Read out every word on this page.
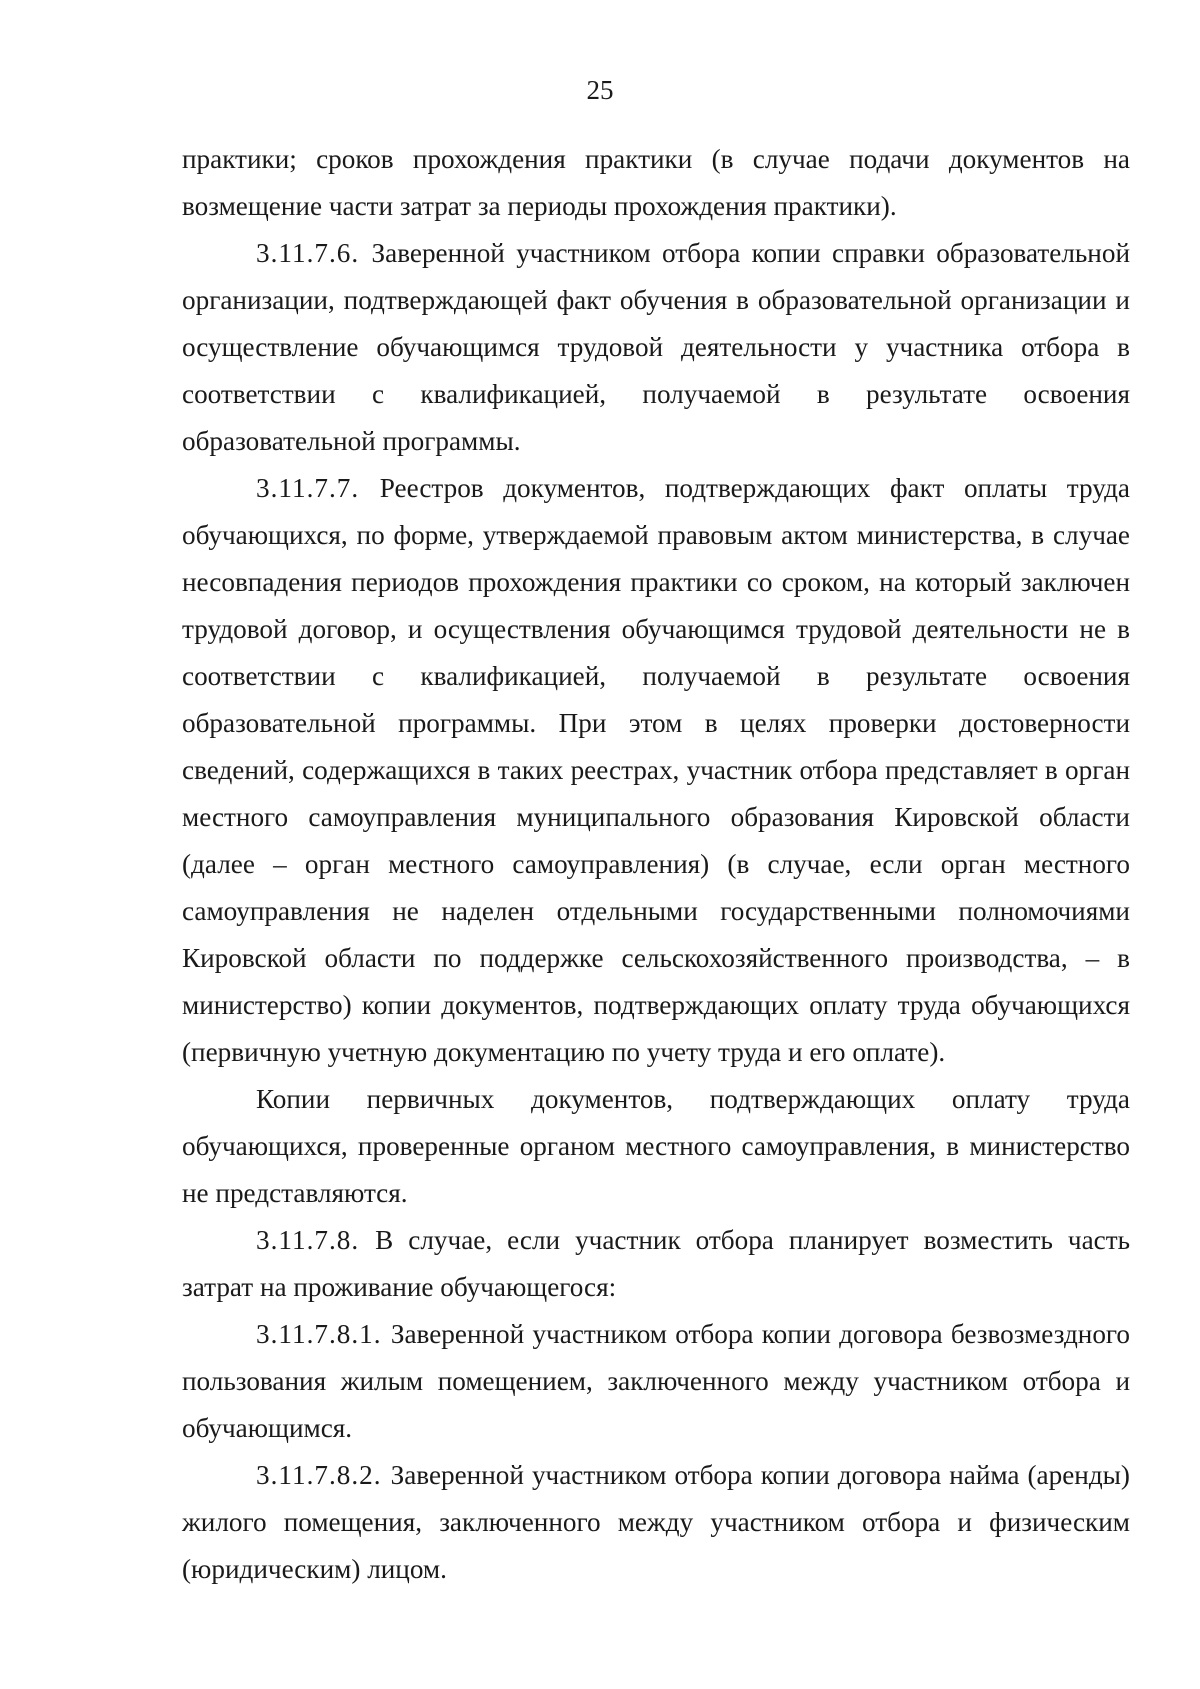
25

практики; сроков прохождения практики (в случае подачи документов на возмещение части затрат за периоды прохождения практики).

3.11.7.6. Заверенной участником отбора копии справки образовательной организации, подтверждающей факт обучения в образовательной организации и осуществление обучающимся трудовой деятельности у участника отбора в соответствии с квалификацией, получаемой в результате освоения образовательной программы.

3.11.7.7. Реестров документов, подтверждающих факт оплаты труда обучающихся, по форме, утверждаемой правовым актом министерства, в случае несовпадения периодов прохождения практики со сроком, на который заключен трудовой договор, и осуществления обучающимся трудовой деятельности не в соответствии с квалификацией, получаемой в результате освоения образовательной программы. При этом в целях проверки достоверности сведений, содержащихся в таких реестрах, участник отбора представляет в орган местного самоуправления муниципального образования Кировской области (далее – орган местного самоуправления) (в случае, если орган местного самоуправления не наделен отдельными государственными полномочиями Кировской области по поддержке сельскохозяйственного производства, – в министерство) копии документов, подтверждающих оплату труда обучающихся (первичную учетную документацию по учету труда и его оплате).

Копии первичных документов, подтверждающих оплату труда обучающихся, проверенные органом местного самоуправления, в министерство не представляются.

3.11.7.8. В случае, если участник отбора планирует возместить часть затрат на проживание обучающегося:

3.11.7.8.1. Заверенной участником отбора копии договора безвозмездного пользования жилым помещением, заключенного между участником отбора и обучающимся.

3.11.7.8.2. Заверенной участником отбора копии договора найма (аренды) жилого помещения, заключенного между участником отбора и физическим (юридическим) лицом.
